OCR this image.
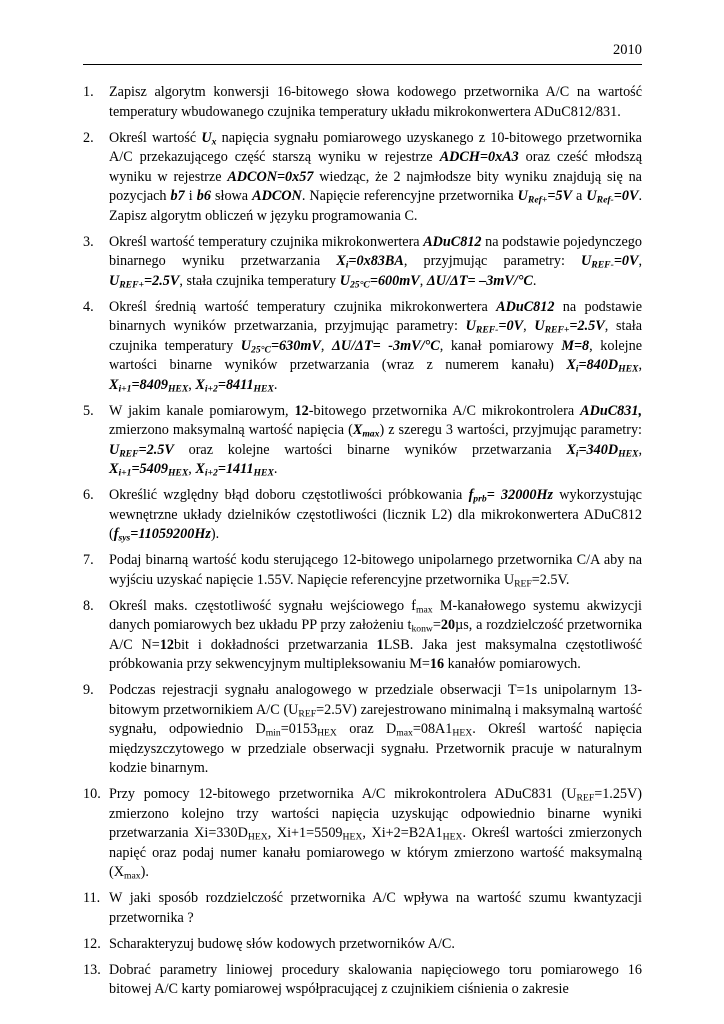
2010
1. Zapisz algorytm konwersji 16-bitowego słowa kodowego przetwornika A/C na wartość temperatury wbudowanego czujnika temperatury układu mikrokonwertera ADuC812/831.
2. Określ wartość $U_x$ napięcia sygnału pomiarowego uzyskanego z 10-bitowego przetwornika A/C przekazującego część starszą wyniku w rejestrze ADCH=0xA3 oraz cześć młodszą wyniku w rejestrze ADCON=0x57 wiedząc, że 2 najmłodsze bity wyniku znajdują się na pozycjach b7 i b6 słowa ADCON. Napięcie referencyjne przetwornika $U_{Ref+}=5V$ a $U_{Ref-}=0V$. Zapisz algorytm obliczeń w języku programowania C.
3. Określ wartość temperatury czujnika mikrokonwertera ADuC812 na podstawie pojedynczego binarnego wyniku przetwarzania $X_i=0x83BA$, przyjmując parametry: $U_{REF-}=0V$, $U_{REF+}=2.5V$, stała czujnika temperatury $U_{25^\circ C}=600mV$, ΔU/ΔT= –3mV/°C.
4. Określ średnią wartość temperatury czujnika mikrokonwertera ADuC812 na podstawie binarnych wyników przetwarzania, przyjmując parametry: $U_{REF-}=0V$, $U_{REF+}=2.5V$, stała czujnika temperatury $U_{25^\circ C}=630mV$, ΔU/ΔT= -3mV/°C, kanał pomiarowy M=8, kolejne wartości binarne wyników przetwarzania (wraz z numerem kanału) $X_i=840D_{HEX}$, $X_{i+1}=8409_{HEX}$, $X_{i+2}=8411_{HEX}$.
5. W jakim kanale pomiarowym, 12-bitowego przetwornika A/C mikrokontrolera ADuC831, zmierzono maksymalną wartość napięcia $(X_{max})$ z szeregu 3 wartości, przyjmując parametry: $U_{REF}=2.5V$ oraz kolejne wartości binarne wyników przetwarzania $X_i=340D_{HEX}$, $X_{i+1}=5409_{HEX}$, $X_{i+2}=1411_{HEX}$.
6. Określić względny błąd doboru częstotliwości próbkowania $f_{prb}= 32000Hz$ wykorzystując wewnętrzne układy dzielników częstotliwości (licznik L2) dla mikrokonwertera ADuC812 $(f_{sys}=11059200Hz)$.
7. Podaj binarną wartość kodu sterującego 12-bitowego unipolarnego przetwornika C/A aby na wyjściu uzyskać napięcie 1.55V. Napięcie referencyjne przetwornika $U_{REF}=2.5V$.
8. Określ maks. częstotliwość sygnału wejściowego $f_{max}$ M-kanałowego systemu akwizycji danych pomiarowych bez układu PP przy założeniu $t_{konw}=20\mu s$, a rozdzielczość przetwornika A/C N=12bit i dokładności przetwarzania 1LSB. Jaka jest maksymalna częstotliwość próbkowania przy sekwencyjnym multipleksowaniu M=16 kanałów pomiarowych.
9. Podczas rejestracji sygnału analogowego w przedziale obserwacji T=1s unipolarnym 13-bitowym przetwornikiem A/C $(U_{REF}=2.5V)$ zarejestrowano minimalną i maksymalną wartość sygnału, odpowiednio $D_{min}=0153_{HEX}$ oraz $D_{max}=08A1_{HEX}$. Określ wartość napięcia międzyszczytowego w przedziale obserwacji sygnału. Przetwornik pracuje w naturalnym kodzie binarnym.
10. Przy pomocy 12-bitowego przetwornika A/C mikrokontrolera ADuC831 $(U_{REF}=1.25V)$ zmierzono kolejno trzy wartości napięcia uzyskując odpowiednio binarne wyniki przetwarzania $Xi=330D_{HEX}$, $Xi+1=5509_{HEX}$, $Xi+2=B2A1_{HEX}$. Określ wartości zmierzonych napięć oraz podaj numer kanału pomiarowego w którym zmierzono wartość maksymalną $(X_{max})$.
11. W jaki sposób rozdzielczość przetwornika A/C wpływa na wartość szumu kwantyzacji przetwornika ?
12. Scharakteryzuj budowę słów kodowych przetworników A/C.
13. Dobrać parametry liniowej procedury skalowania napięciowego toru pomiarowego 16 bitowej A/C karty pomiarowej współpracującej z czujnikiem ciśnienia o zakresie
